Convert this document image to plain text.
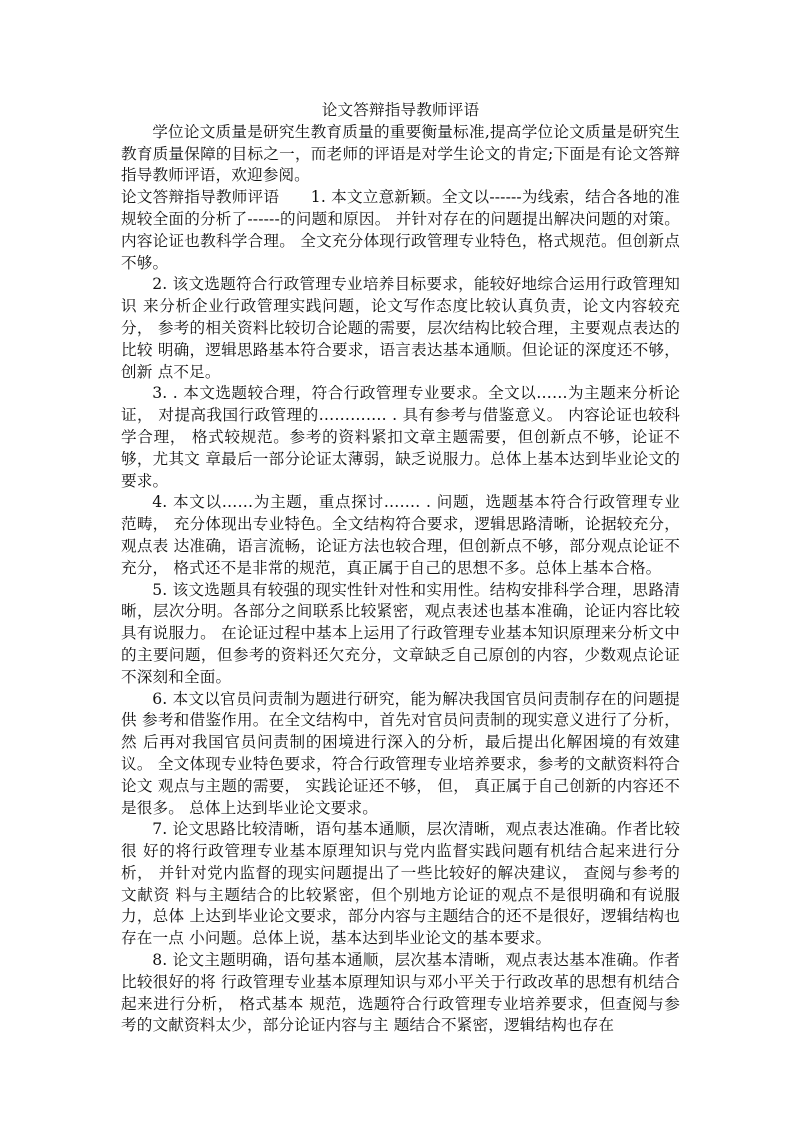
论文答辩指导教师评语

学位论文质量是研究生教育质量的重要衡量标准,提高学位论文质量是研究生教育质量保障的目标之一，而老师的评语是对学生论文的肯定;下面是有论文答辩指导教师评语，欢迎参阅。

论文答辩指导教师评语　　1. 本文立意新颖。全文以------为线索，结合各地的准规较全面的分析了------的问题和原因。 并针对存在的问题提出解决问题的对策。 内容论证也教科学合理。 全文充分体现行政管理专业特色，格式规范。但创新点不够。

2. 该文选题符合行政管理专业培养目标要求，能较好地综合运用行政管理知识 来分析企业行政管理实践问题，论文写作态度比较认真负责，论文内容较充分， 参考的相关资料比较切合论题的需要，层次结构比较合理，主要观点表达的比较 明确，逻辑思路基本符合要求，语言表达基本通顺。但论证的深度还不够，创新 点不足。

3. . 本文选题较合理，符合行政管理专业要求。全文以……为主题来分析论证， 对提高我国行政管理的…………. . 具有参考与借鉴意义。 内容论证也较科学合理， 格式较规范。参考的资料紧扣文章主题需要，但创新点不够，论证不够，尤其文 章最后一部分论证太薄弱，缺乏说服力。总体上基本达到毕业论文的要求。

4. 本文以……为主题，重点探讨……. . 问题，选题基本符合行政管理专业范畴， 充分体现出专业特色。全文结构符合要求，逻辑思路清晰，论据较充分，观点表 达准确，语言流畅，论证方法也较合理，但创新点不够，部分观点论证不充分， 格式还不是非常的规范，真正属于自己的思想不多。总体上基本合格。

5. 该文选题具有较强的现实性针对性和实用性。结构安排科学合理，思路清 晰，层次分明。各部分之间联系比较紧密，观点表述也基本准确，论证内容比较 具有说服力。 在论证过程中基本上运用了行政管理专业基本知识原理来分析文中 的主要问题，但参考的资料还欠充分，文章缺乏自己原创的内容，少数观点论证 不深刻和全面。

6. 本文以官员问责制为题进行研究，能为解决我国官员问责制存在的问题提供 参考和借鉴作用。在全文结构中，首先对官员问责制的现实意义进行了分析，然 后再对我国官员问责制的困境进行深入的分析，最后提出化解困境的有效建议。 全文体现专业特色要求，符合行政管理专业培养要求，参考的文献资料符合论文 观点与主题的需要， 实践论证还不够， 但， 真正属于自己创新的内容还不是很多。 总体上达到毕业论文要求。

7. 论文思路比较清晰，语句基本通顺，层次清晰，观点表达准确。作者比较很 好的将行政管理专业基本原理知识与党内监督实践问题有机结合起来进行分析， 并针对党内监督的现实问题提出了一些比较好的解决建议， 查阅与参考的文献资 料与主题结合的比较紧密，但个别地方论证的观点不是很明确和有说服力，总体 上达到毕业论文要求，部分内容与主题结合的还不是很好，逻辑结构也存在一点 小问题。总体上说，基本达到毕业论文的基本要求。

8. 论文主题明确，语句基本通顺，层次基本清晰，观点表达基本准确。作者比较很好的将 行政管理专业基本原理知识与邓小平关于行政改革的思想有机结合起来进行分析， 格式基本 规范，选题符合行政管理专业培养要求，但查阅与参考的文献资料太少，部分论证内容与主 题结合不紧密，逻辑结构也存在
